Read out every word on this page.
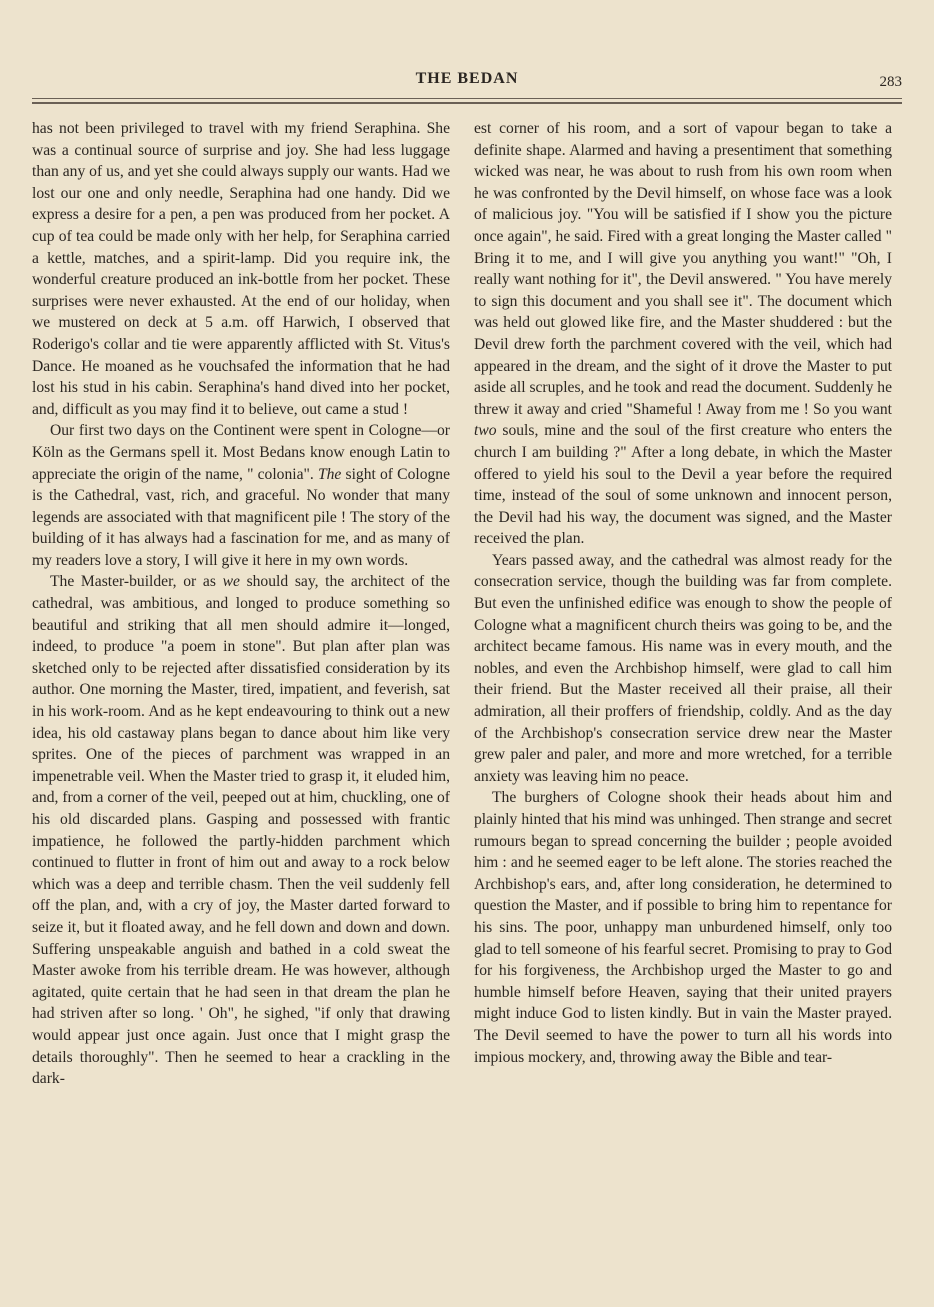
THE BEDAN	283

has not been privileged to travel with my friend Seraphina. She was a continual source of surprise and joy. She had less luggage than any of us, and yet she could always supply our wants. Had we lost our one and only needle, Seraphina had one handy. Did we express a desire for a pen, a pen was produced from her pocket. A cup of tea could be made only with her help, for Seraphina carried a kettle, matches, and a spirit-lamp. Did you require ink, the wonderful creature produced an ink-bottle from her pocket. These surprises were never exhausted. At the end of our holiday, when we mustered on deck at 5 a.m. off Harwich, I observed that Roderigo's collar and tie were apparently afflicted with St. Vitus's Dance. He moaned as he vouchsafed the information that he had lost his stud in his cabin. Seraphina's hand dived into her pocket, and, difficult as you may find it to believe, out came a stud !

Our first two days on the Continent were spent in Cologne—or Köln as the Germans spell it. Most Bedans know enough Latin to appreciate the origin of the name, " colonia". The sight of Cologne is the Cathedral, vast, rich, and graceful. No wonder that many legends are associated with that magnificent pile ! The story of the building of it has always had a fascination for me, and as many of my readers love a story, I will give it here in my own words.

The Master-builder, or as we should say, the architect of the cathedral, was ambitious, and longed to produce something so beautiful and striking that all men should admire it—longed, indeed, to produce "a poem in stone". But plan after plan was sketched only to be rejected after dissatisfied consideration by its author. One morning the Master, tired, impatient, and feverish, sat in his work-room. And as he kept endeavouring to think out a new idea, his old castaway plans began to dance about him like very sprites. One of the pieces of parchment was wrapped in an impenetrable veil. When the Master tried to grasp it, it eluded him, and, from a corner of the veil, peeped out at him, chuckling, one of his old discarded plans. Gasping and possessed with frantic impatience, he followed the partly-hidden parchment which continued to flutter in front of him out and away to a rock below which was a deep and terrible chasm. Then the veil suddenly fell off the plan, and, with a cry of joy, the Master darted forward to seize it, but it floated away, and he fell down and down and down. Suffering unspeakable anguish and bathed in a cold sweat the Master awoke from his terrible dream. He was however, although agitated, quite certain that he had seen in that dream the plan he had striven after so long. ' Oh", he sighed, "if only that drawing would appear just once again. Just once that I might grasp the details thoroughly". Then he seemed to hear a crackling in the dark-

est corner of his room, and a sort of vapour began to take a definite shape. Alarmed and having a presentiment that something wicked was near, he was about to rush from his own room when he was confronted by the Devil himself, on whose face was a look of malicious joy. "You will be satisfied if I show you the picture once again", he said. Fired with a great longing the Master called " Bring it to me, and I will give you anything you want!" "Oh, I really want nothing for it", the Devil answered. " You have merely to sign this document and you shall see it". The document which was held out glowed like fire, and the Master shuddered : but the Devil drew forth the parchment covered with the veil, which had appeared in the dream, and the sight of it drove the Master to put aside all scruples, and he took and read the document. Suddenly he threw it away and cried "Shameful ! Away from me ! So you want two souls, mine and the soul of the first creature who enters the church I am building ?" After a long debate, in which the Master offered to yield his soul to the Devil a year before the required time, instead of the soul of some unknown and innocent person, the Devil had his way, the document was signed, and the Master received the plan.

Years passed away, and the cathedral was almost ready for the consecration service, though the building was far from complete. But even the unfinished edifice was enough to show the people of Cologne what a magnificent church theirs was going to be, and the architect became famous. His name was in every mouth, and the nobles, and even the Archbishop himself, were glad to call him their friend. But the Master received all their praise, all their admiration, all their proffers of friendship, coldly. And as the day of the Archbishop's consecration service drew near the Master grew paler and paler, and more and more wretched, for a terrible anxiety was leaving him no peace.

The burghers of Cologne shook their heads about him and plainly hinted that his mind was unhinged. Then strange and secret rumours began to spread concerning the builder ; people avoided him : and he seemed eager to be left alone. The stories reached the Archbishop's ears, and, after long consideration, he determined to question the Master, and if possible to bring him to repentance for his sins. The poor, unhappy man unburdened himself, only too glad to tell someone of his fearful secret. Promising to pray to God for his forgiveness, the Archbishop urged the Master to go and humble himself before Heaven, saying that their united prayers might induce God to listen kindly. But in vain the Master prayed. The Devil seemed to have the power to turn all his words into impious mockery, and, throwing away the Bible and tear-
